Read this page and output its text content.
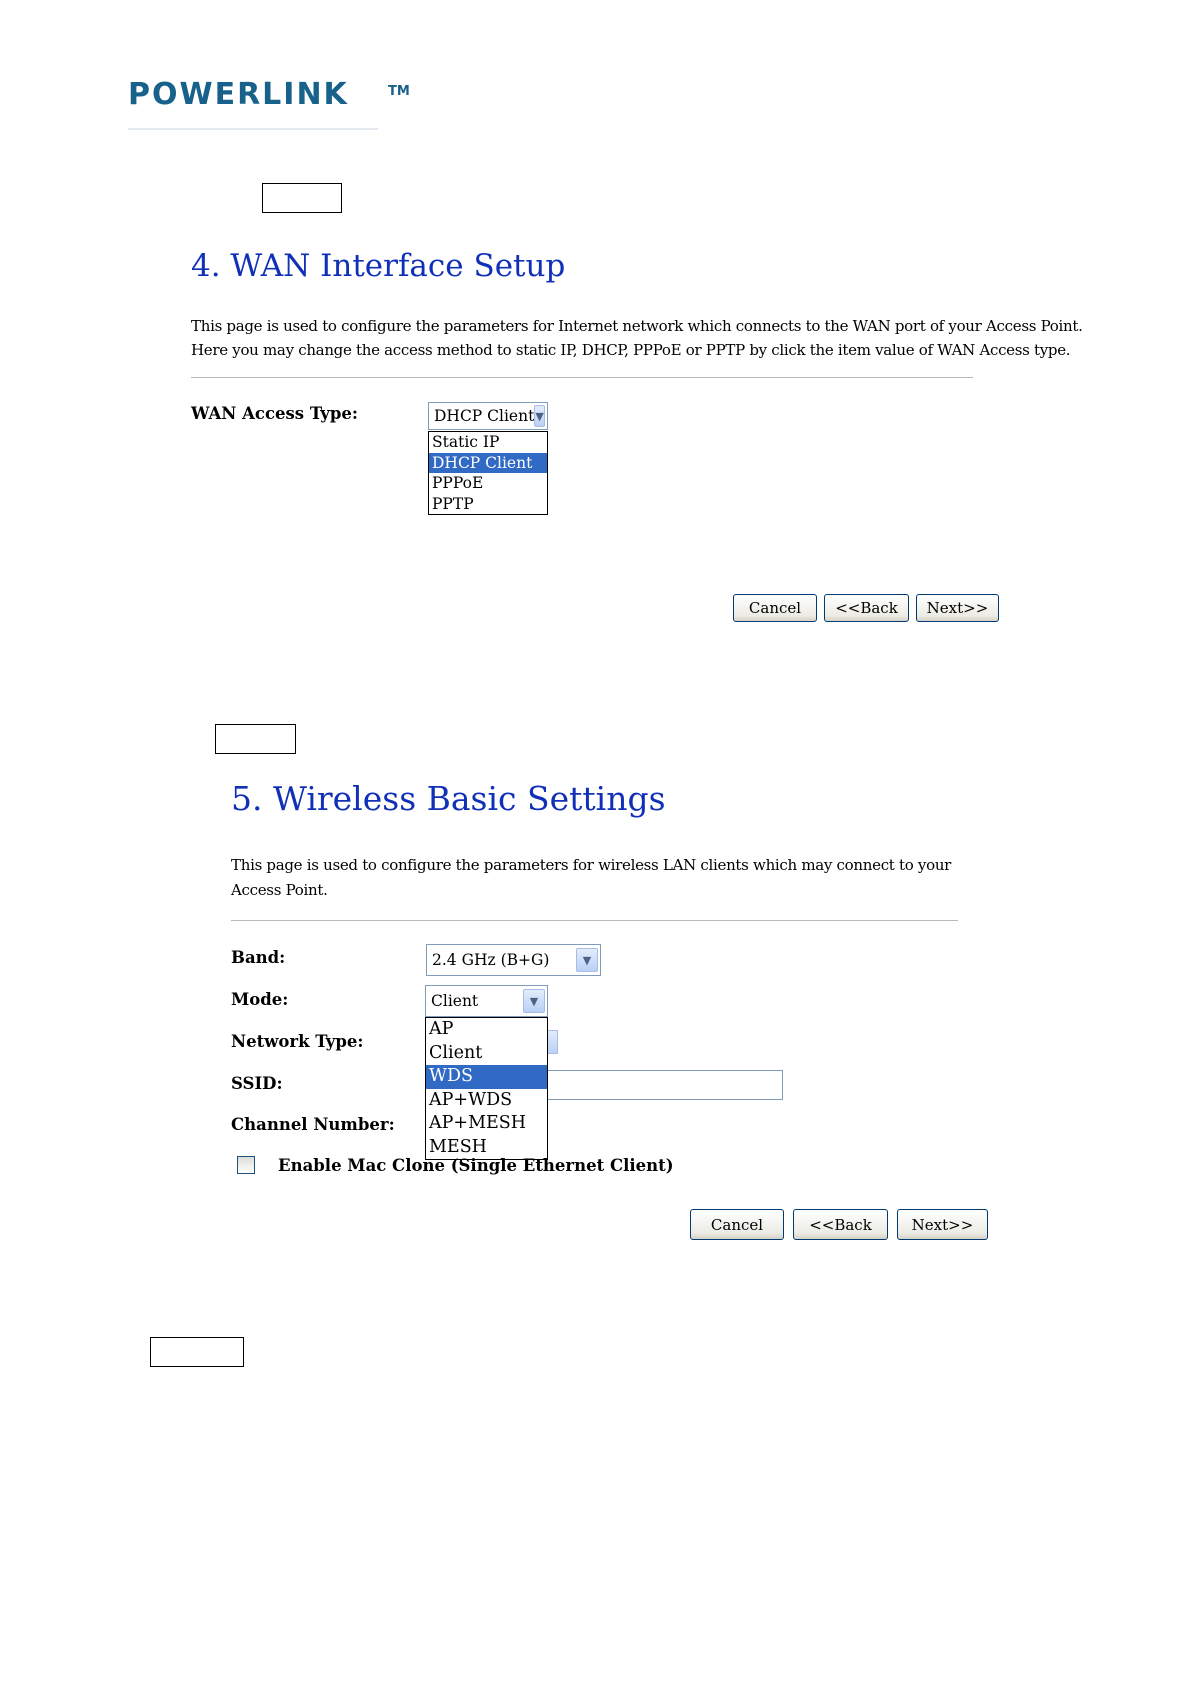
POWERLINK	TM
4. WAN Interface Setup
This page is used to configure the parameters for Internet network which connects to the WAN port of your Access Point.
Here you may change the access method to static IP, DHCP, PPPoE or PPTP by click the item value of WAN Access type.
WAN Access Type:	DHCP Client ▼
Static IP
DHCP Client
PPPoE
PPTP
Cancel	<<Back	Next>>
5. Wireless Basic Settings
This page is used to configure the parameters for wireless LAN clients which may connect to your
Access Point.
Band:	2.4 GHz (B+G)	▼
Mode:	Client	▼
Network Type:
SSID:
Channel Number:
AP
Client
WDS
AP+WDS
AP+MESH
MESH
Enable Mac Clone (Single Ethernet Client)
Cancel	<<Back	Next>>
